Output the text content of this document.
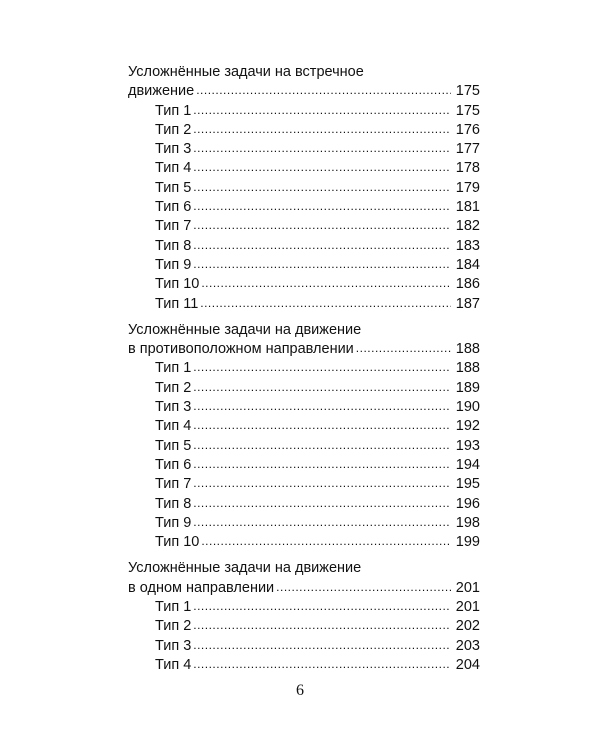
Усложнённые задачи на встречное
движение .....	175
Тип 1 .....	175
Тип 2 .....	176
Тип 3 .....	177
Тип 4 .....	178
Тип 5 .....	179
Тип 6 .....	181
Тип 7 .....	182
Тип 8 .....	183
Тип 9 .....	184
Тип 10 .....	186
Тип 11 .....	187
Усложнённые задачи на движение
в противоположном направлении .....	188
Тип 1 .....	188
Тип 2 .....	189
Тип 3 .....	190
Тип 4 .....	192
Тип 5 .....	193
Тип 6 .....	194
Тип 7 .....	195
Тип 8 .....	196
Тип 9 .....	198
Тип 10 .....	199
Усложнённые задачи на движение
в одном направлении .....	201
Тип 1 .....	201
Тип 2 .....	202
Тип 3 .....	203
Тип 4 .....	204
6
